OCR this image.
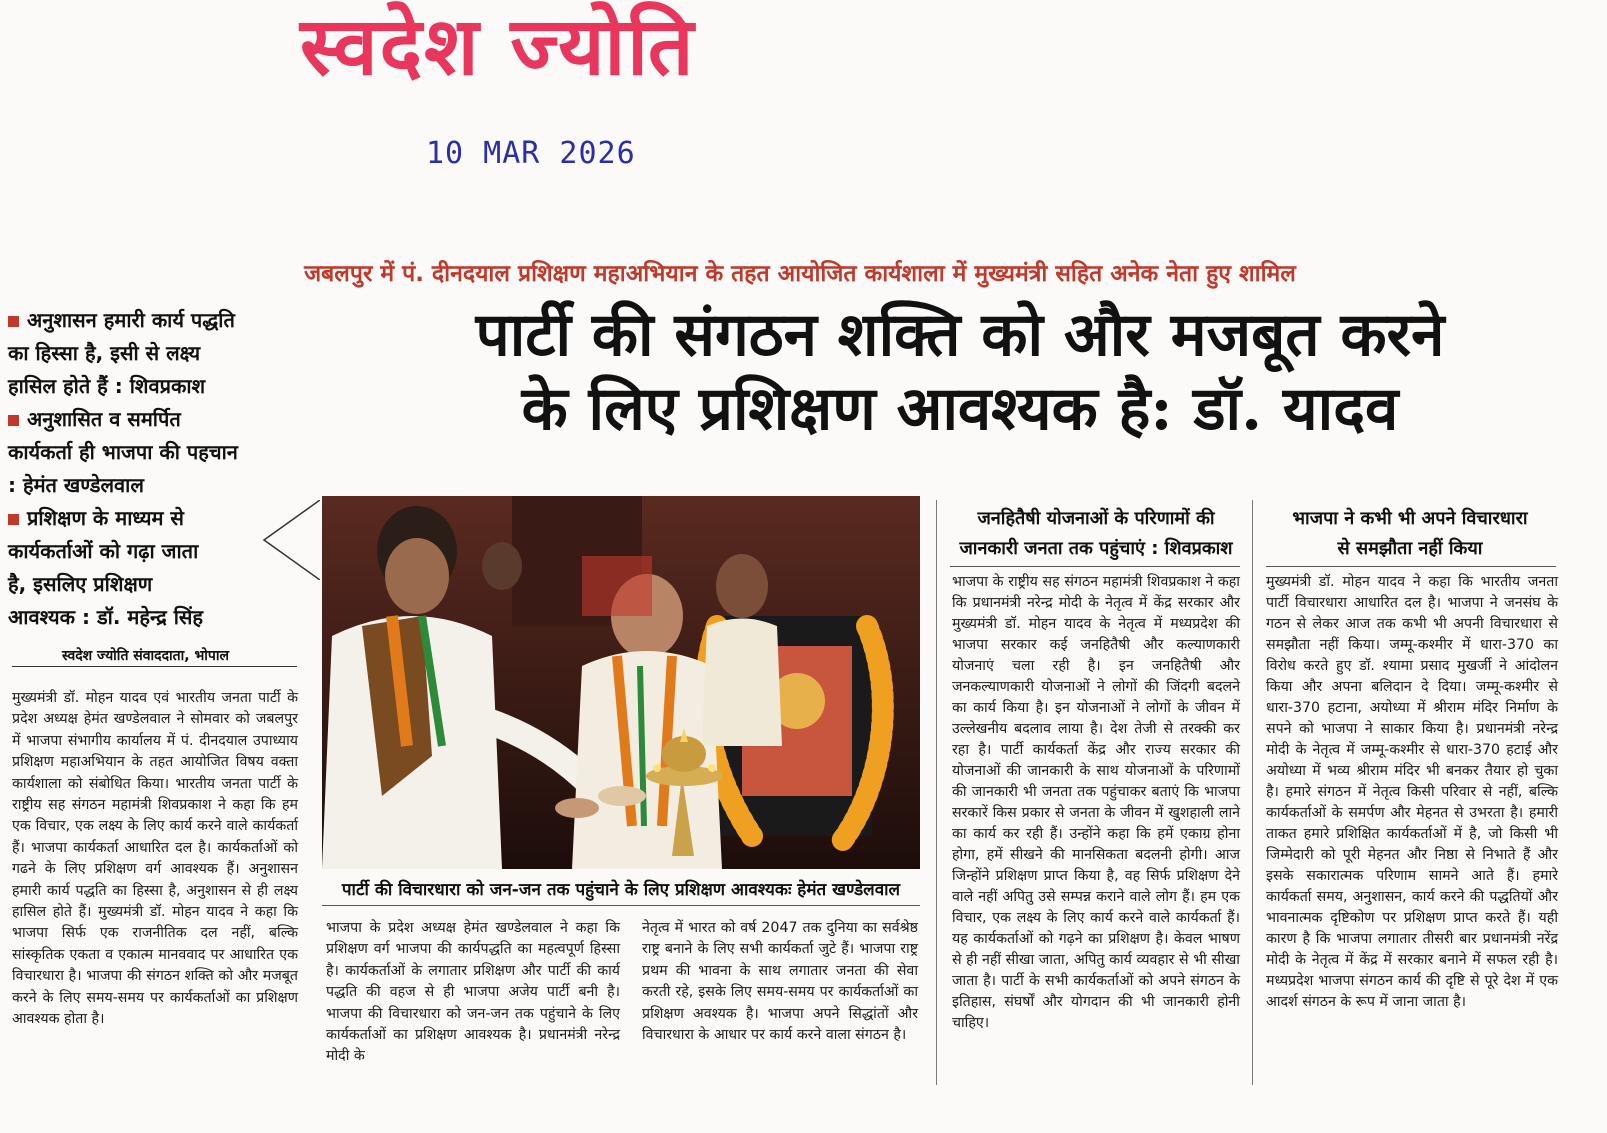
स्वदेश ज्योति
10 MAR 2026
जबलपुर में पं. दीनदयाल प्रशिक्षण महाअभियान के तहत आयोजित कार्यशाला में मुख्यमंत्री सहित अनेक नेता हुए शामिल
अनुशासन हमारी कार्य पद्धति
का हिस्सा है, इसी से लक्ष्य
हासिल होते हैं : शिवप्रकाश
अनुशासित व समर्पित
कार्यकर्ता ही भाजपा की पहचान
: हेमंत खण्डेलवाल
प्रशिक्षण के माध्यम से
कार्यकर्ताओं को गढ़ा जाता
है, इसलिए प्रशिक्षण
आवश्यक : डॉ. महेन्द्र सिंह
स्वदेश ज्योति संवाददाता, भोपाल
मुख्यमंत्री डॉ. मोहन यादव एवं भारतीय जनता पार्टी के प्रदेश अध्यक्ष हेमंत खण्डेलवाल ने सोमवार को जबलपुर में भाजपा संभागीय कार्यालय में पं. दीनदयाल उपाध्याय प्रशिक्षण महाअभियान के तहत आयोजित विषय वक्ता कार्यशाला को संबोधित किया। भारतीय जनता पार्टी के राष्ट्रीय सह संगठन महामंत्री शिवप्रकाश ने कहा कि हम एक विचार, एक लक्ष्य के लिए कार्य करने वाले कार्यकर्ता हैं। भाजपा कार्यकर्ता आधारित दल है। कार्यकर्ताओं को गढने के लिए प्रशिक्षण वर्ग आवश्यक हैं। अनुशासन हमारी कार्य पद्धति का हिस्सा है, अनुशासन से ही लक्ष्य हासिल होते हैं। मुख्यमंत्री डॉ. मोहन यादव ने कहा कि भाजपा सिर्फ एक राजनीतिक दल नहीं, बल्कि सांस्कृतिक एकता व एकात्म मानववाद पर आधारित एक विचारधारा है। भाजपा की संगठन शक्ति को और मजबूत करने के लिए समय-समय पर कार्यकर्ताओं का प्रशिक्षण आवश्यक होता है।
पार्टी की संगठन शक्ति को और मजबूत करने
के लिए प्रशिक्षण आवश्यक है: डॉ. यादव
पार्टी की विचारधारा को जन-जन तक पहुंचाने के लिए प्रशिक्षण आवश्यकः हेमंत खण्डेलवाल
भाजपा के प्रदेश अध्यक्ष हेमंत खण्डेलवाल ने कहा कि प्रशिक्षण वर्ग भाजपा की कार्यपद्धति का महत्वपूर्ण हिस्सा है। कार्यकर्ताओं के लगातार प्रशिक्षण और पार्टी की कार्य पद्धति की वहज से ही भाजपा अजेय पार्टी बनी है। भाजपा की विचारधारा को जन-जन तक पहुंचाने के लिए कार्यकर्ताओं का प्रशिक्षण आवश्यक है। प्रधानमंत्री नरेन्द्र मोदी के
नेतृत्व में भारत को वर्ष 2047 तक दुनिया का सर्वश्रेष्ठ राष्ट्र बनाने के लिए सभी कार्यकर्ता जुटे हैं। भाजपा राष्ट्र प्रथम की भावना के साथ लगातार जनता की सेवा करती रहे, इसके लिए समय-समय पर कार्यकर्ताओं का प्रशिक्षण अवश्यक है। भाजपा अपने सिद्धांतों और विचारधारा के आधार पर कार्य करने वाला संगठन है।
जनहितैषी योजनाओं के परिणामों की
जानकारी जनता तक पहुंचाएं : शिवप्रकाश
भाजपा के राष्ट्रीय सह संगठन महामंत्री शिवप्रकाश ने कहा कि प्रधानमंत्री नरेन्द्र मोदी के नेतृत्व में केंद्र सरकार और मुख्यमंत्री डॉ. मोहन यादव के नेतृत्व में मध्यप्रदेश की भाजपा सरकार कई जनहितैषी और कल्याणकारी योजनाएं चला रही है। इन जनहितैषी और जनकल्याणकारी योजनाओं ने लोगों की जिंदगी बदलने का कार्य किया है। इन योजनाओं ने लोगों के जीवन में उल्लेखनीय बदलाव लाया है। देश तेजी से तरक्की कर रहा है। पार्टी कार्यकर्ता केंद्र और राज्य सरकार की योजनाओं की जानकारी के साथ योजनाओं के परिणामों की जानकारी भी जनता तक पहुंचाकर बताएं कि भाजपा सरकारें किस प्रकार से जनता के जीवन में खुशहाली लाने का कार्य कर रही हैं। उन्होंने कहा कि हमें एकाग्र होना होगा, हमें सीखने की मानसिकता बदलनी होगी। आज जिन्होंने प्रशिक्षण प्राप्त किया है, वह सिर्फ प्रशिक्षण देने वाले नहीं अपितु उसे सम्पन्न कराने वाले लोग हैं। हम एक विचार, एक लक्ष्य के लिए कार्य करने वाले कार्यकर्ता हैं। यह कार्यकर्ताओं को गढ़ने का प्रशिक्षण है। केवल भाषण से ही नहीं सीखा जाता, अपितु कार्य व्यवहार से भी सीखा जाता है। पार्टी के सभी कार्यकर्ताओं को अपने संगठन के इतिहास, संघर्षों और योगदान की भी जानकारी होनी चाहिए।
भाजपा ने कभी भी अपने विचारधारा
से समझौता नहीं किया
मुख्यमंत्री डॉ. मोहन यादव ने कहा कि भारतीय जनता पार्टी विचारधारा आधारित दल है। भाजपा ने जनसंघ के गठन से लेकर आज तक कभी भी अपनी विचारधारा से समझौता नहीं किया। जम्मू-कश्मीर में धारा-370 का विरोध करते हुए डॉ. श्यामा प्रसाद मुखर्जी ने आंदोलन किया और अपना बलिदान दे दिया। जम्मू-कश्मीर से धारा-370 हटाना, अयोध्या में श्रीराम मंदिर निर्माण के सपने को भाजपा ने साकार किया है। प्रधानमंत्री नरेन्द्र मोदी के नेतृत्व में जम्मू-कश्मीर से धारा-370 हटाई और अयोध्या में भव्य श्रीराम मंदिर भी बनकर तैयार हो चुका है। हमारे संगठन में नेतृत्व किसी परिवार से नहीं, बल्कि कार्यकर्ताओं के समर्पण और मेहनत से उभरता है। हमारी ताकत हमारे प्रशिक्षित कार्यकर्ताओं में है, जो किसी भी जिम्मेदारी को पूरी मेहनत और निष्ठा से निभाते हैं और इसके सकारात्मक परिणाम सामने आते हैं। हमारे कार्यकर्ता समय, अनुशासन, कार्य करने की पद्धतियों और भावनात्मक दृष्टिकोण पर प्रशिक्षण प्राप्त करते हैं। यही कारण है कि भाजपा लगातार तीसरी बार प्रधानमंत्री नरेंद्र मोदी के नेतृत्व में केंद्र में सरकार बनाने में सफल रही है। मध्यप्रदेश भाजपा संगठन कार्य की दृष्टि से पूरे देश में एक आदर्श संगठन के रूप में जाना जाता है।
